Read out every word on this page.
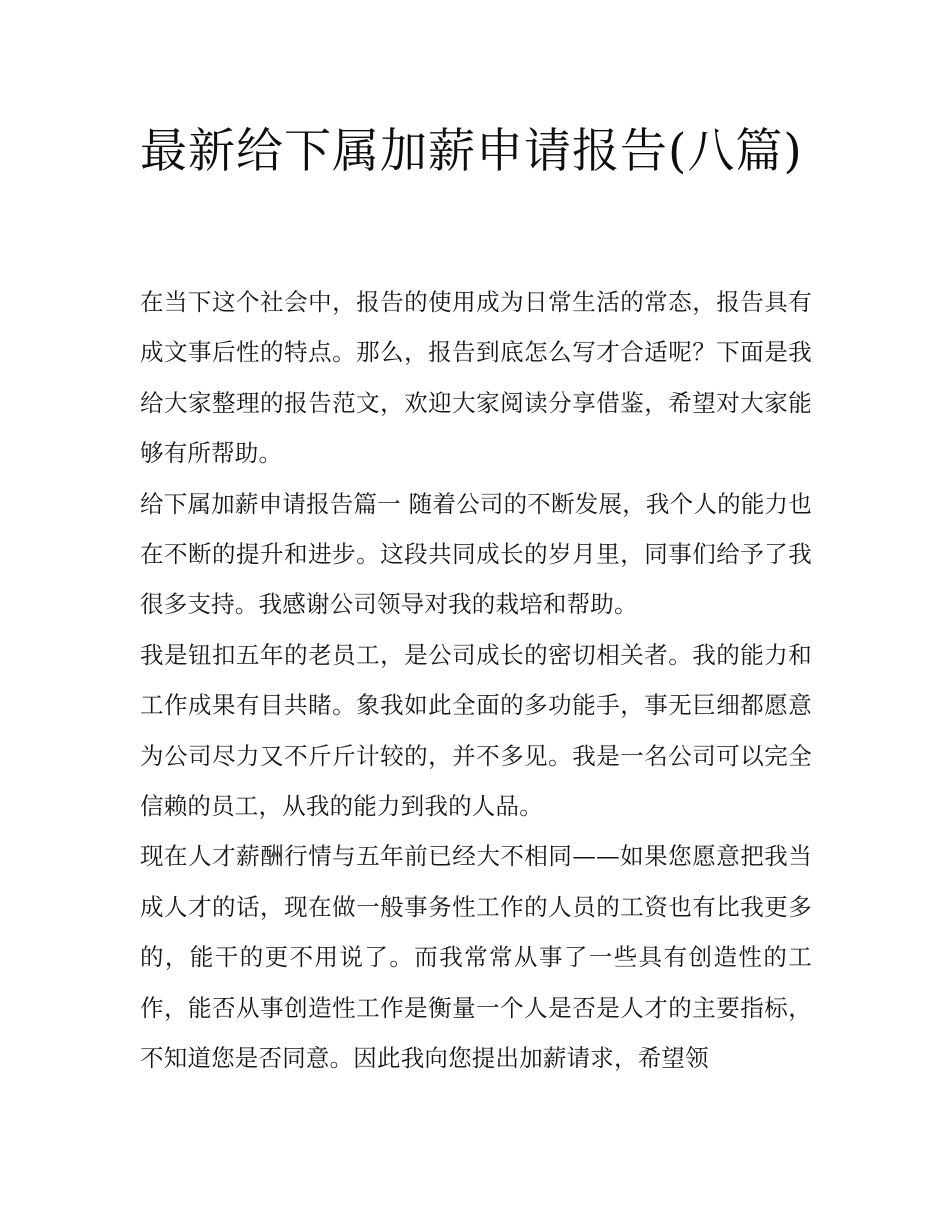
最新给下属加薪申请报告(八篇)

在当下这个社会中，报告的使用成为日常生活的常态，报告具有成文事后性的特点。那么，报告到底怎么写才合适呢？下面是我给大家整理的报告范文，欢迎大家阅读分享借鉴，希望对大家能够有所帮助。

给下属加薪申请报告篇一 随着公司的不断发展，我个人的能力也在不断的提升和进步。这段共同成长的岁月里，同事们给予了我很多支持。我感谢公司领导对我的栽培和帮助。

我是钮扣五年的老员工，是公司成长的密切相关者。我的能力和工作成果有目共睹。象我如此全面的多功能手，事无巨细都愿意为公司尽力又不斤斤计较的，并不多见。我是一名公司可以完全信赖的员工，从我的能力到我的人品。

现在人才薪酬行情与五年前已经大不相同——如果您愿意把我当成人才的话，现在做一般事务性工作的人员的工资也有比我更多的，能干的更不用说了。而我常常从事了一些具有创造性的工作，能否从事创造性工作是衡量一个人是否是人才的主要指标，不知道您是否同意。因此我向您提出加薪请求，希望领
